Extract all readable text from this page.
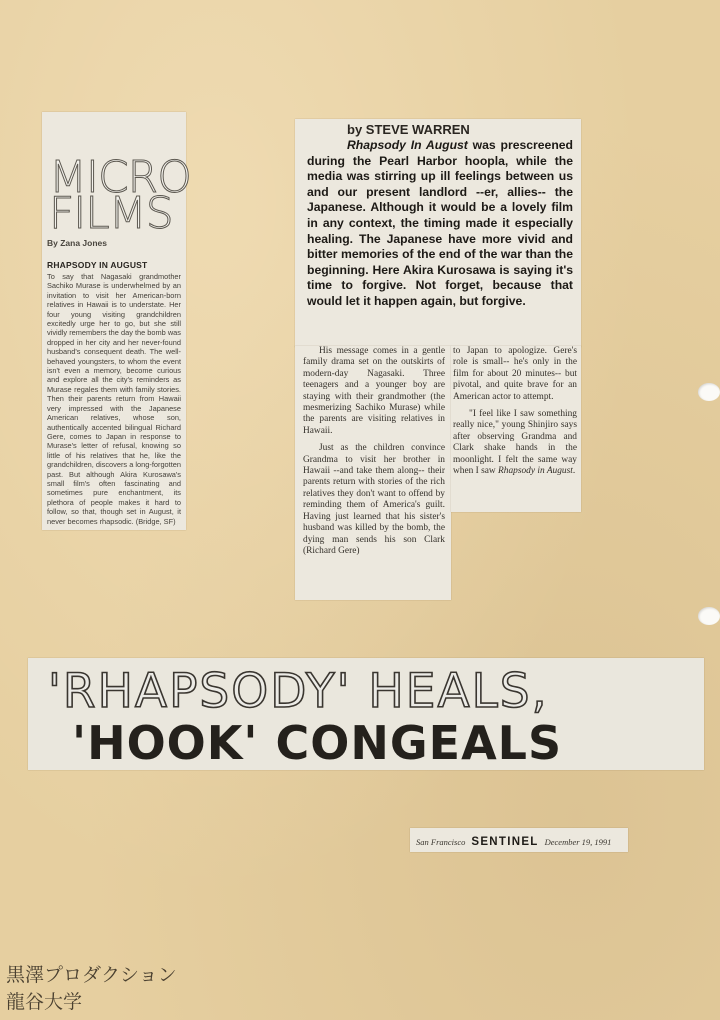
MICRO
FILMS
By Zana Jones
RHAPSODY IN AUGUST
To say that Nagasaki grandmother Sachiko Murase is underwhelmed by an invitation to visit her American-born relatives in Hawaii is to understate. Her four young visiting grandchildren excitedly urge her to go, but she still vividly remembers the day the bomb was dropped in her city and her never-found husband's consequent death. The well-behaved youngsters, to whom the event isn't even a memory, become curious and explore all the city's reminders as Murase regales them with family stories. Then their parents return from Hawaii very impressed with the Japanese American relatives, whose son, authentically accented bilingual Richard Gere, comes to Japan in response to Murase's letter of refusal, knowing so little of his relatives that he, like the grandchildren, discovers a long-forgotten past. But although Akira Kurosawa's small film's often fascinating and sometimes pure enchantment, its plethora of people makes it hard to follow, so that, though set in August, it never becomes rhapsodic. (Bridge, SF)
by STEVE WARREN

Rhapsody In August was prescreened during the Pearl Harbor hoopla, while the media was stirring up ill feelings between us and our present landlord --er, allies-- the Japanese. Although it would be a lovely film in any context, the timing made it especially healing. The Japanese have more vivid and bitter memories of the end of the war than the beginning. Here Akira Kurosawa is saying it's time to forgive. Not forget, because that would let it happen again, but forgive.

His message comes in a gentle family drama set on the outskirts of modern-day Nagasaki. Three teenagers and a younger boy are staying with their grandmother (the mesmerizing Sachiko Murase) while the parents are visiting relatives in Hawaii.

Just as the children convince Grandma to visit her brother in Hawaii --and take them along-- their parents return with stories of the rich relatives they don't want to offend by reminding them of America's guilt. Having just learned that his sister's husband was killed by the bomb, the dying man sends his son Clark (Richard Gere)

to Japan to apologize. Gere's role is small-- he's only in the film for about 20 minutes-- but pivotal, and quite brave for an American actor to attempt.

"I feel like I saw something really nice," young Shinjiro says after observing Grandma and Clark shake hands in the moonlight. I felt the same way when I saw Rhapsody in August.

'RHAPSODY' HEALS,
'HOOK' CONGEALS
San Francisco SENTINEL December 19, 1991
黒澤プロダクション
龍谷大学
